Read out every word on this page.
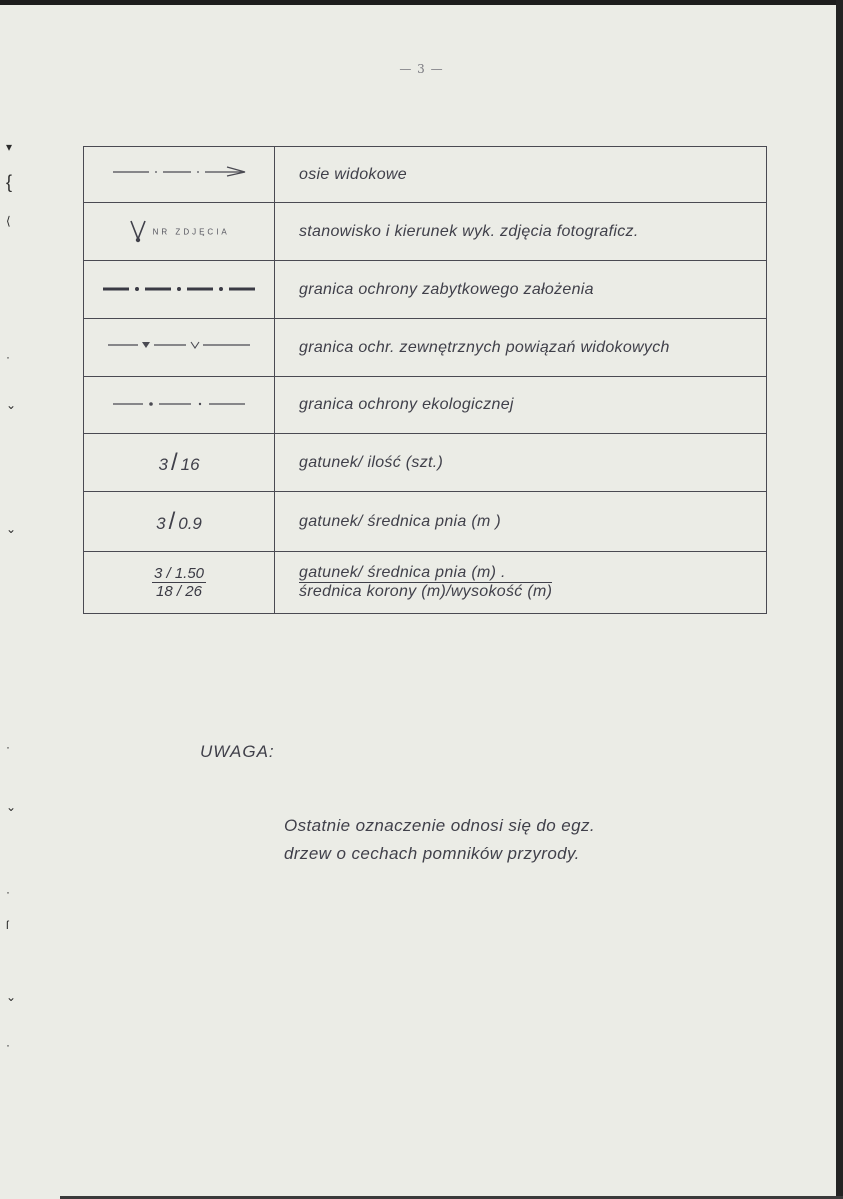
▾
{
⟨
·
⌄
⌄
·
⌄
·
ſ
⌄
·
— 3 —
	osie widokowe
NR ZDJĘCIA	stanowisko i kierunek wyk. zdjęcia fotograficz.
	granica ochrony zabytkowego założenia
	granica ochr. zewnętrznych powiązań widokowych
	granica ochrony ekologicznej
3 / 16	gatunek/ ilość (szt.)
3 / 0.9	gatunek/ średnica pnia (m )

$\frac{3 / 1.50}{18 / 26}$	gatunek/ średnica pnia (m) .
średnica korony (m)/wysokość (m)
UWAGA:
Ostatnie oznaczenie odnosi się do egz.
drzew o cechach pomników przyrody.
